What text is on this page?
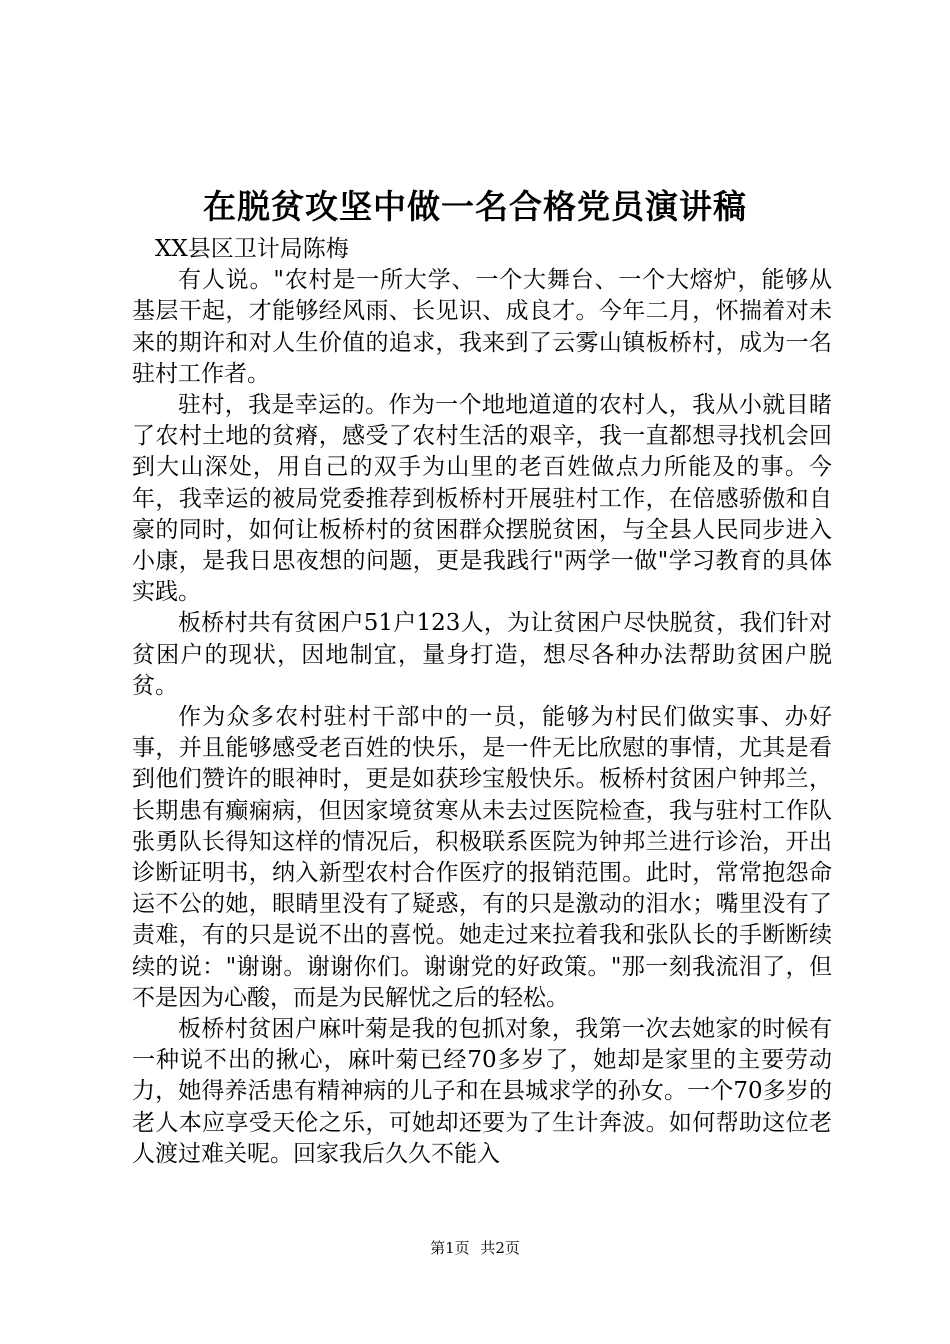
在脱贫攻坚中做一名合格党员演讲稿

XX县区卫计局陈梅

有人说。"农村是一所大学、一个大舞台、一个大熔炉，能够从基层干起，才能够经风雨、长见识、成良才。今年二月，怀揣着对未来的期许和对人生价值的追求，我来到了云雾山镇板桥村，成为一名驻村工作者。

驻村，我是幸运的。作为一个地地道道的农村人，我从小就目睹了农村土地的贫瘠，感受了农村生活的艰辛，我一直都想寻找机会回到大山深处，用自己的双手为山里的老百姓做点力所能及的事。今年，我幸运的被局党委推荐到板桥村开展驻村工作，在倍感骄傲和自豪的同时，如何让板桥村的贫困群众摆脱贫困，与全县人民同步进入小康，是我日思夜想的问题，更是我践行"两学一做"学习教育的具体实践。

板桥村共有贫困户51户123人，为让贫困户尽快脱贫，我们针对贫困户的现状，因地制宜，量身打造，想尽各种办法帮助贫困户脱贫。

作为众多农村驻村干部中的一员，能够为村民们做实事、办好事，并且能够感受老百姓的快乐，是一件无比欣慰的事情，尤其是看到他们赞许的眼神时，更是如获珍宝般快乐。板桥村贫困户钟邦兰，长期患有癫痫病，但因家境贫寒从未去过医院检查，我与驻村工作队张勇队长得知这样的情况后，积极联系医院为钟邦兰进行诊治，开出诊断证明书，纳入新型农村合作医疗的报销范围。此时，常常抱怨命运不公的她，眼睛里没有了疑惑，有的只是激动的泪水；嘴里没有了责难，有的只是说不出的喜悦。她走过来拉着我和张队长的手断断续续的说："谢谢。谢谢你们。谢谢党的好政策。"那一刻我流泪了，但不是因为心酸，而是为民解忧之后的轻松。

板桥村贫困户麻叶菊是我的包抓对象，我第一次去她家的时候有一种说不出的揪心，麻叶菊已经70多岁了，她却是家里的主要劳动力，她得养活患有精神病的儿子和在县城求学的孙女。一个70多岁的老人本应享受天伦之乐，可她却还要为了生计奔波。如何帮助这位老人渡过难关呢。回家我后久久不能入

第1页 共2页
